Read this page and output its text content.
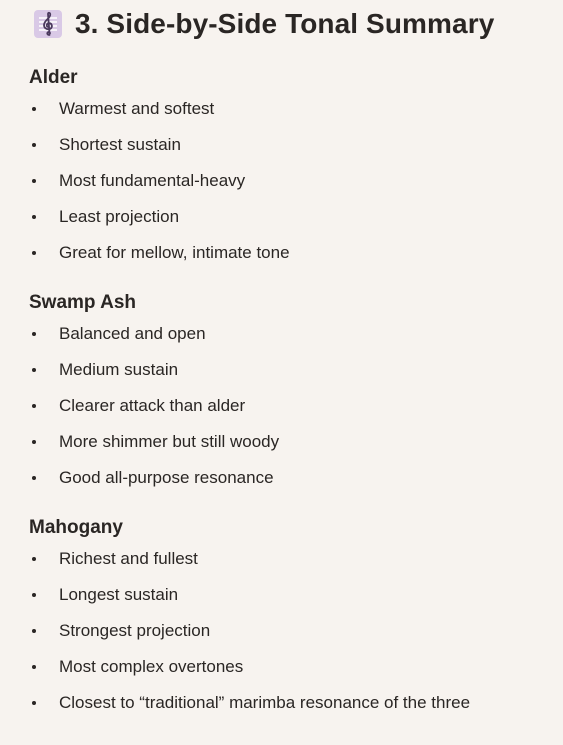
3. Side-by-Side Tonal Summary
Alder
Warmest and softest
Shortest sustain
Most fundamental-heavy
Least projection
Great for mellow, intimate tone
Swamp Ash
Balanced and open
Medium sustain
Clearer attack than alder
More shimmer but still woody
Good all-purpose resonance
Mahogany
Richest and fullest
Longest sustain
Strongest projection
Most complex overtones
Closest to “traditional” marimba resonance of the three
